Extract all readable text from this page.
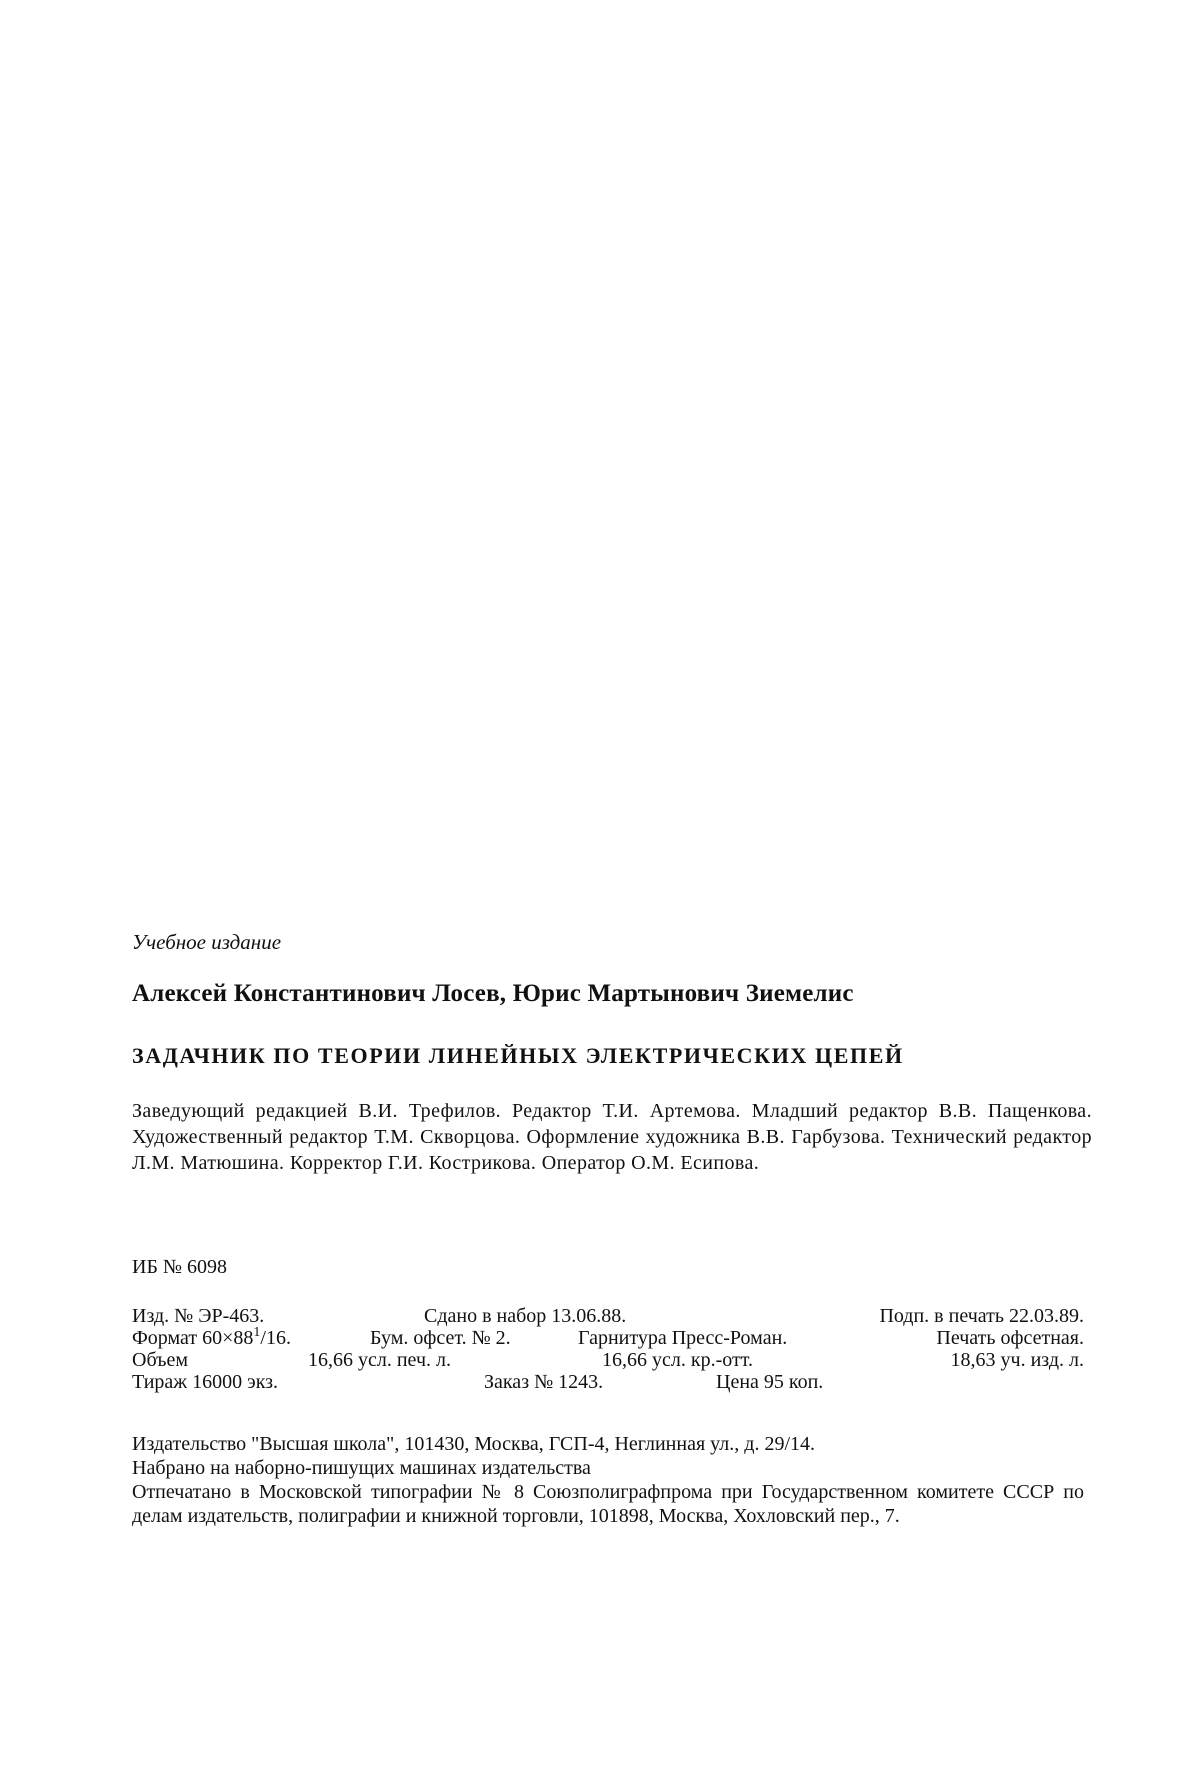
Учебное издание
Алексей Константинович Лосев, Юрис Мартынович Зиемелис
ЗАДАЧНИК ПО ТЕОРИИ ЛИНЕЙНЫХ ЭЛЕКТРИЧЕСКИХ ЦЕПЕЙ
Заведующий редакцией В.И. Трефилов. Редактор Т.И. Артемова. Младший редактор В.В. Пащенкова. Художественный редактор Т.М. Скворцова. Оформление художника В.В. Гарбузова. Технический редактор Л.М. Матюшина. Корректор Г.И. Кострикова. Оператор О.М. Есипова.
ИБ № 6098
Изд. № ЭР-463.	Сдано в набор 13.06.88.	Подп. в печать 22.03.89.
Формат $60\times 88^1/16$.	Бум. офсет. № 2.	Гарнитура Пресс-Роман.	Печать офсетная.
Объем	16,66 усл. печ. л.	16,66 усл. кр.-отт.	18,63 уч. изд. л.
Тираж 16000 экз.	Заказ № 1243.	Цена 95 коп.
Издательство "Высшая школа", 101430, Москва, ГСП-4, Неглинная ул., д. 29/14.
Набрано на наборно-пишущих машинах издательства
Отпечатано в Московской типографии № 8 Союзполиграфпрома при Государственном комитете СССР по делам издательств, полиграфии и книжной торговли, 101898, Москва, Хохловский пер., 7.
